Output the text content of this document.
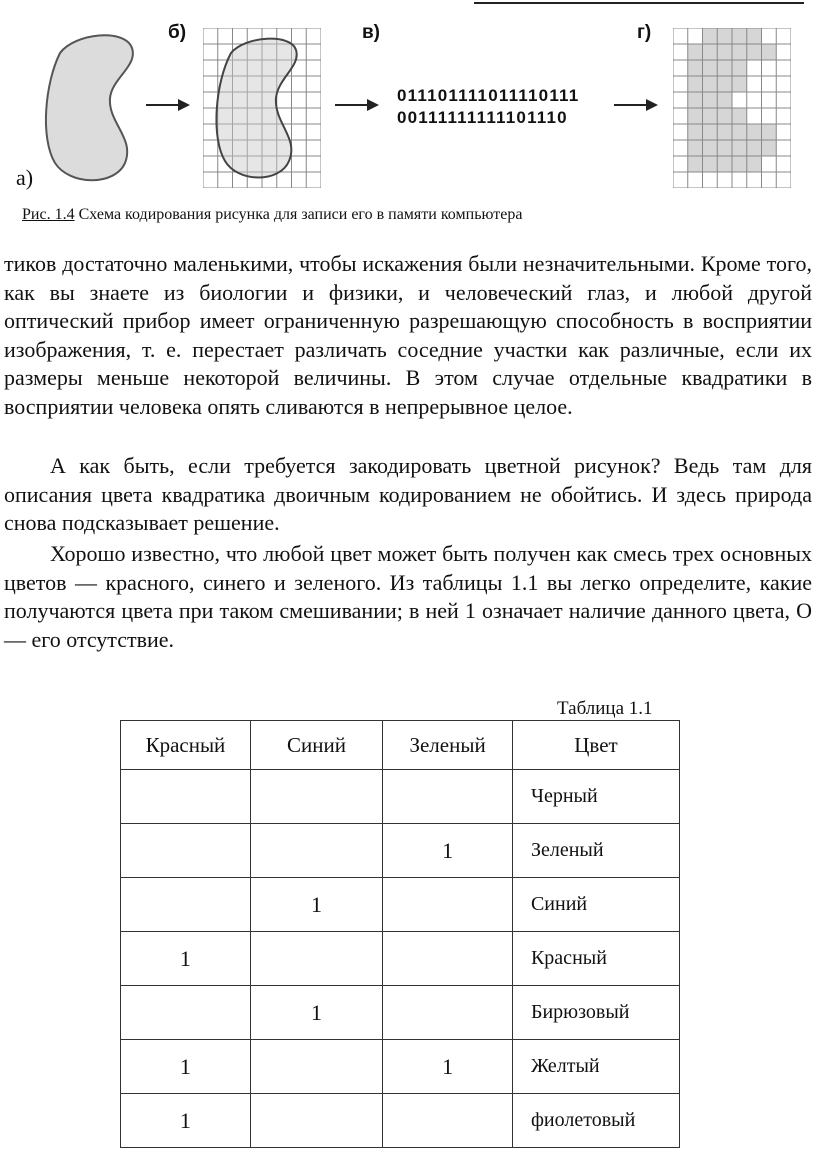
а)
б)	в)
011101111011110111
00111111111101110
г)
Рис. 1.4 Схема кодирования рисунка для записи его в памяти компьютера

тиков достаточно маленькими, чтобы искажения были незначительными. Кроме того, как вы знаете из биологии и физики, и человеческий глаз, и любой другой оптический прибор имеет ограниченную разрешающую способность в восприятии изображения, т. е. перестает различать соседние участки как различные, если их размеры меньше некоторой величины. В этом случае отдельные квадратики в восприятии человека опять сливаются в непрерывное целое.

А как быть, если требуется закодировать цветной рисунок? Ведь там для описания цвета квадратика двоичным кодированием не обойтись. И здесь природа снова подсказывает решение.

Хорошо известно, что любой цвет может быть получен как смесь трех основных цветов — красного, синего и зеленого. Из таблицы 1.1 вы легко определите, какие получаются цвета при таком смешивании; в ней 1 означает наличие данного цвета, О — его отсутствие.

Таблица 1.1
Красный	Синий	Зеленый	Цвет

			Черный

		1	Зеленый

	1		Синий

1			Красный

	1		Бирюзовый

1		1	Желтый

1			фиолетовый
